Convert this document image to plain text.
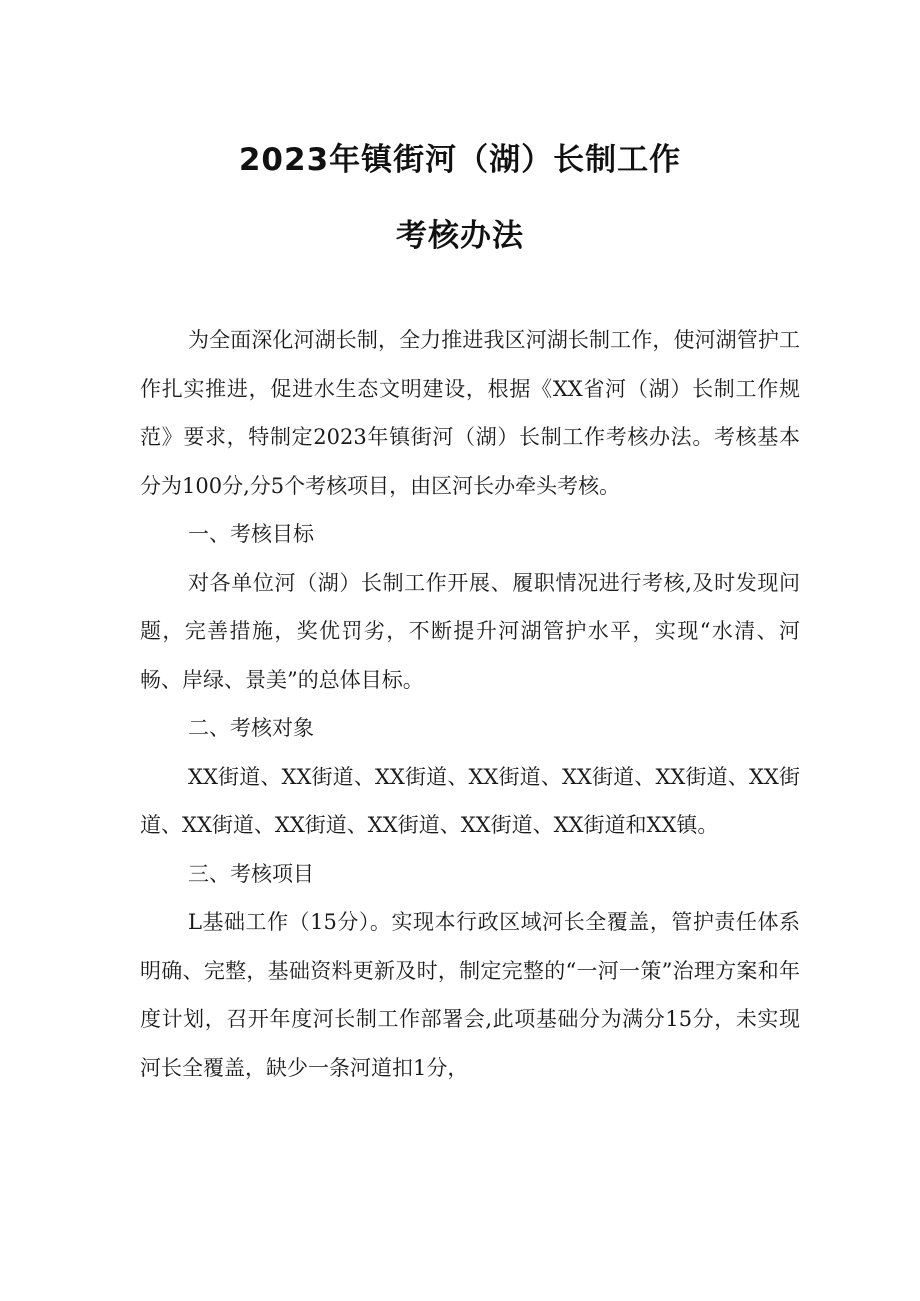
2023年镇街河（湖）长制工作
考核办法

为全面深化河湖长制，全力推进我区河湖长制工作，使河湖管护工作扎实推进，促进水生态文明建设，根据《XX省河（湖）长制工作规范》要求，特制定2023年镇街河（湖）长制工作考核办法。考核基本分为100分,分5个考核项目，由区河长办牵头考核。

一、考核目标

对各单位河（湖）长制工作开展、履职情况进行考核,及时发现问题，完善措施，奖优罚劣，不断提升河湖管护水平，实现“水清、河畅、岸绿、景美”的总体目标。

二、考核对象

XX街道、XX街道、XX街道、XX街道、XX街道、XX街道、XX街道、XX街道、XX街道、XX街道、XX街道、XX街道和XX镇。

三、考核项目

L基础工作（15分）。实现本行政区域河长全覆盖，管护责任体系明确、完整，基础资料更新及时，制定完整的“一河一策”治理方案和年度计划，召开年度河长制工作部署会,此项基础分为满分15分，未实现河长全覆盖，缺少一条河道扣1分，
